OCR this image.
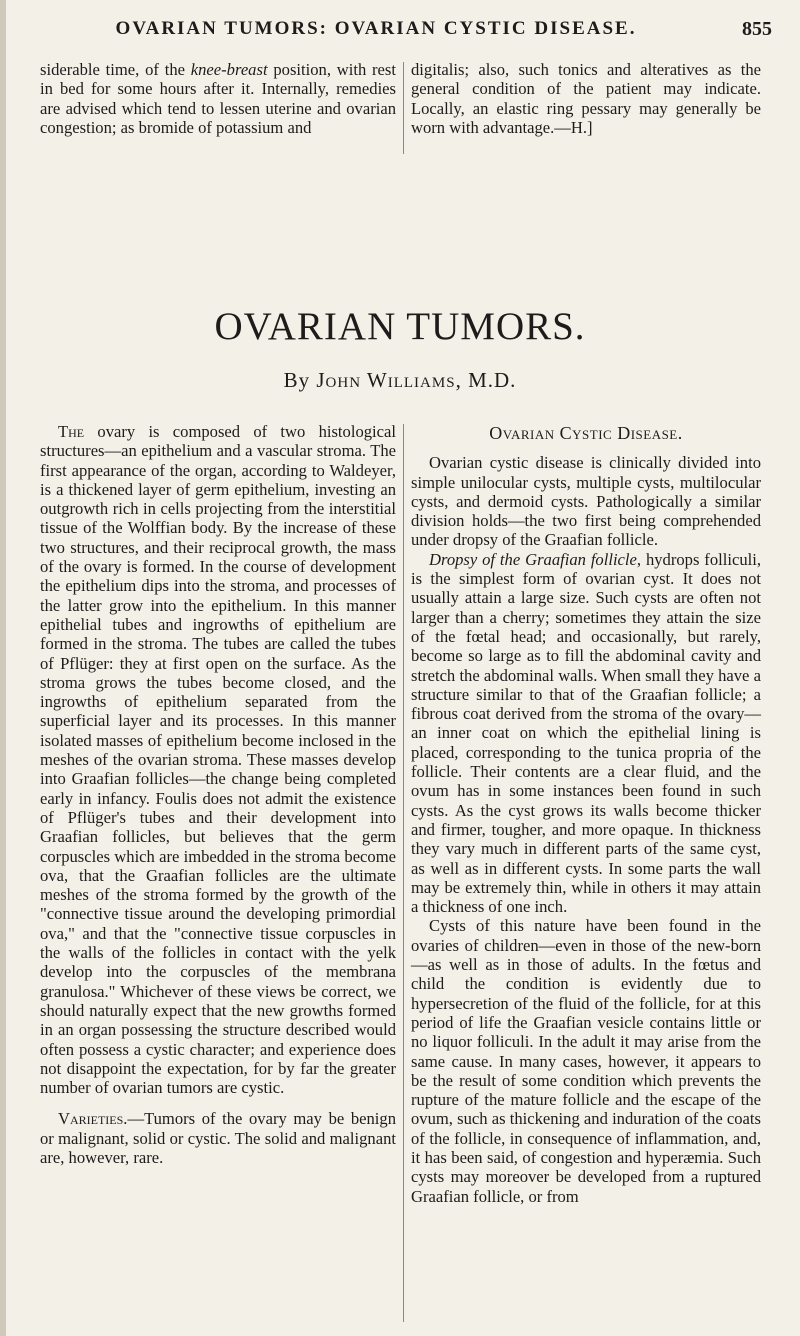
OVARIAN TUMORS: OVARIAN CYSTIC DISEASE.	855

siderable time, of the knee-breast position, with rest in bed for some hours after it. Internally, remedies are advised which tend to lessen uterine and ovarian congestion; as bromide of potassium and

digitalis; also, such tonics and alteratives as the general condition of the patient may indicate. Locally, an elastic ring pessary may generally be worn with advantage.—H.]

OVARIAN TUMORS.
By John Williams, M.D.

The ovary is composed of two histological structures—an epithelium and a vascular stroma. The first appearance of the organ, according to Waldeyer, is a thickened layer of germ epithelium, investing an outgrowth rich in cells projecting from the interstitial tissue of the Wolffian body. By the increase of these two structures, and their reciprocal growth, the mass of the ovary is formed. In the course of development the epithelium dips into the stroma, and processes of the latter grow into the epithelium. In this manner epithelial tubes and ingrowths of epithelium are formed in the stroma. The tubes are called the tubes of Pflüger: they at first open on the surface. As the stroma grows the tubes become closed, and the ingrowths of epithelium separated from the superficial layer and its processes. In this manner isolated masses of epithelium become inclosed in the meshes of the ovarian stroma. These masses develop into Graafian follicles—the change being completed early in infancy. Foulis does not admit the existence of Pflüger's tubes and their development into Graafian follicles, but believes that the germ corpuscles which are imbedded in the stroma become ova, that the Graafian follicles are the ultimate meshes of the stroma formed by the growth of the "connective tissue around the developing primordial ova," and that the "connective tissue corpuscles in the walls of the follicles in contact with the yelk develop into the corpuscles of the membrana granulosa." Whichever of these views be correct, we should naturally expect that the new growths formed in an organ possessing the structure described would often possess a cystic character; and experience does not disappoint the expectation, for by far the greater number of ovarian tumors are cystic.

Varieties.—Tumors of the ovary may be benign or malignant, solid or cystic. The solid and malignant are, however, rare.

Ovarian Cystic Disease.

Ovarian cystic disease is clinically divided into simple unilocular cysts, multiple cysts, multilocular cysts, and dermoid cysts. Pathologically a similar division holds—the two first being comprehended under dropsy of the Graafian follicle.

Dropsy of the Graafian follicle, hydrops folliculi, is the simplest form of ovarian cyst. It does not usually attain a large size. Such cysts are often not larger than a cherry; sometimes they attain the size of the fœtal head; and occasionally, but rarely, become so large as to fill the abdominal cavity and stretch the abdominal walls. When small they have a structure similar to that of the Graafian follicle; a fibrous coat derived from the stroma of the ovary—an inner coat on which the epithelial lining is placed, corresponding to the tunica propria of the follicle. Their contents are a clear fluid, and the ovum has in some instances been found in such cysts. As the cyst grows its walls become thicker and firmer, tougher, and more opaque. In thickness they vary much in different parts of the same cyst, as well as in different cysts. In some parts the wall may be extremely thin, while in others it may attain a thickness of one inch.

Cysts of this nature have been found in the ovaries of children—even in those of the new-born—as well as in those of adults. In the fœtus and child the condition is evidently due to hypersecretion of the fluid of the follicle, for at this period of life the Graafian vesicle contains little or no liquor folliculi. In the adult it may arise from the same cause. In many cases, however, it appears to be the result of some condition which prevents the rupture of the mature follicle and the escape of the ovum, such as thickening and induration of the coats of the follicle, in consequence of inflammation, and, it has been said, of congestion and hyperæmia. Such cysts may moreover be developed from a ruptured Graafian follicle, or from
